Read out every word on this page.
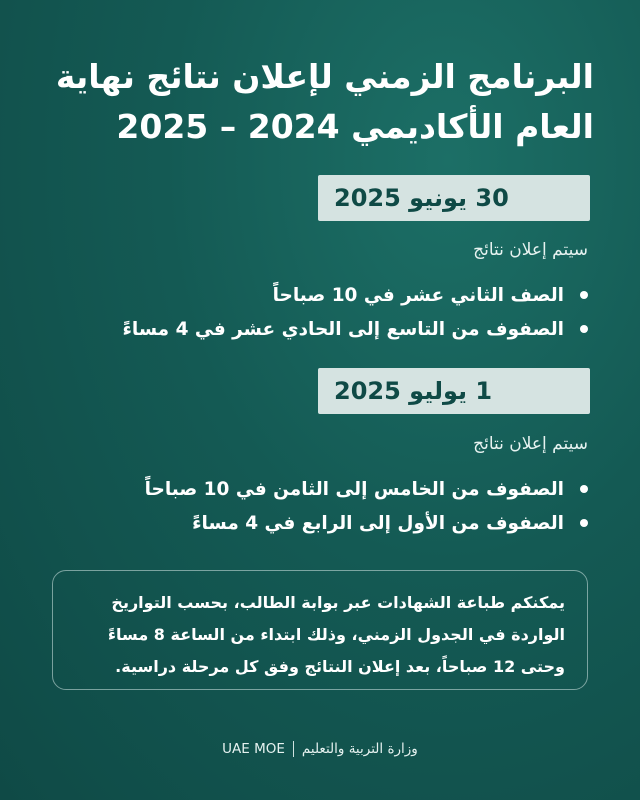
البرنامج الزمني لإعلان نتائج نهاية
العام الأكاديمي 2024 – 2025
30 يونيو 2025
سيتم إعلان نتائج
الصف الثاني عشر في 10 صباحاً
الصفوف من التاسع إلى الحادي عشر في 4 مساءً
1 يوليو 2025
سيتم إعلان نتائج
الصفوف من الخامس إلى الثامن في 10 صباحاً
الصفوف من الأول إلى الرابع في 4 مساءً
يمكنكم طباعة الشهادات عبر بوابة الطالب، بحسب التواريخ
الواردة في الجدول الزمني، وذلك ابتداء من الساعة 8 مساءً
وحتى 12 صباحاً، بعد إعلان النتائج وفق كل مرحلة دراسية.
UAE MOE وزارة التربية والتعليم
